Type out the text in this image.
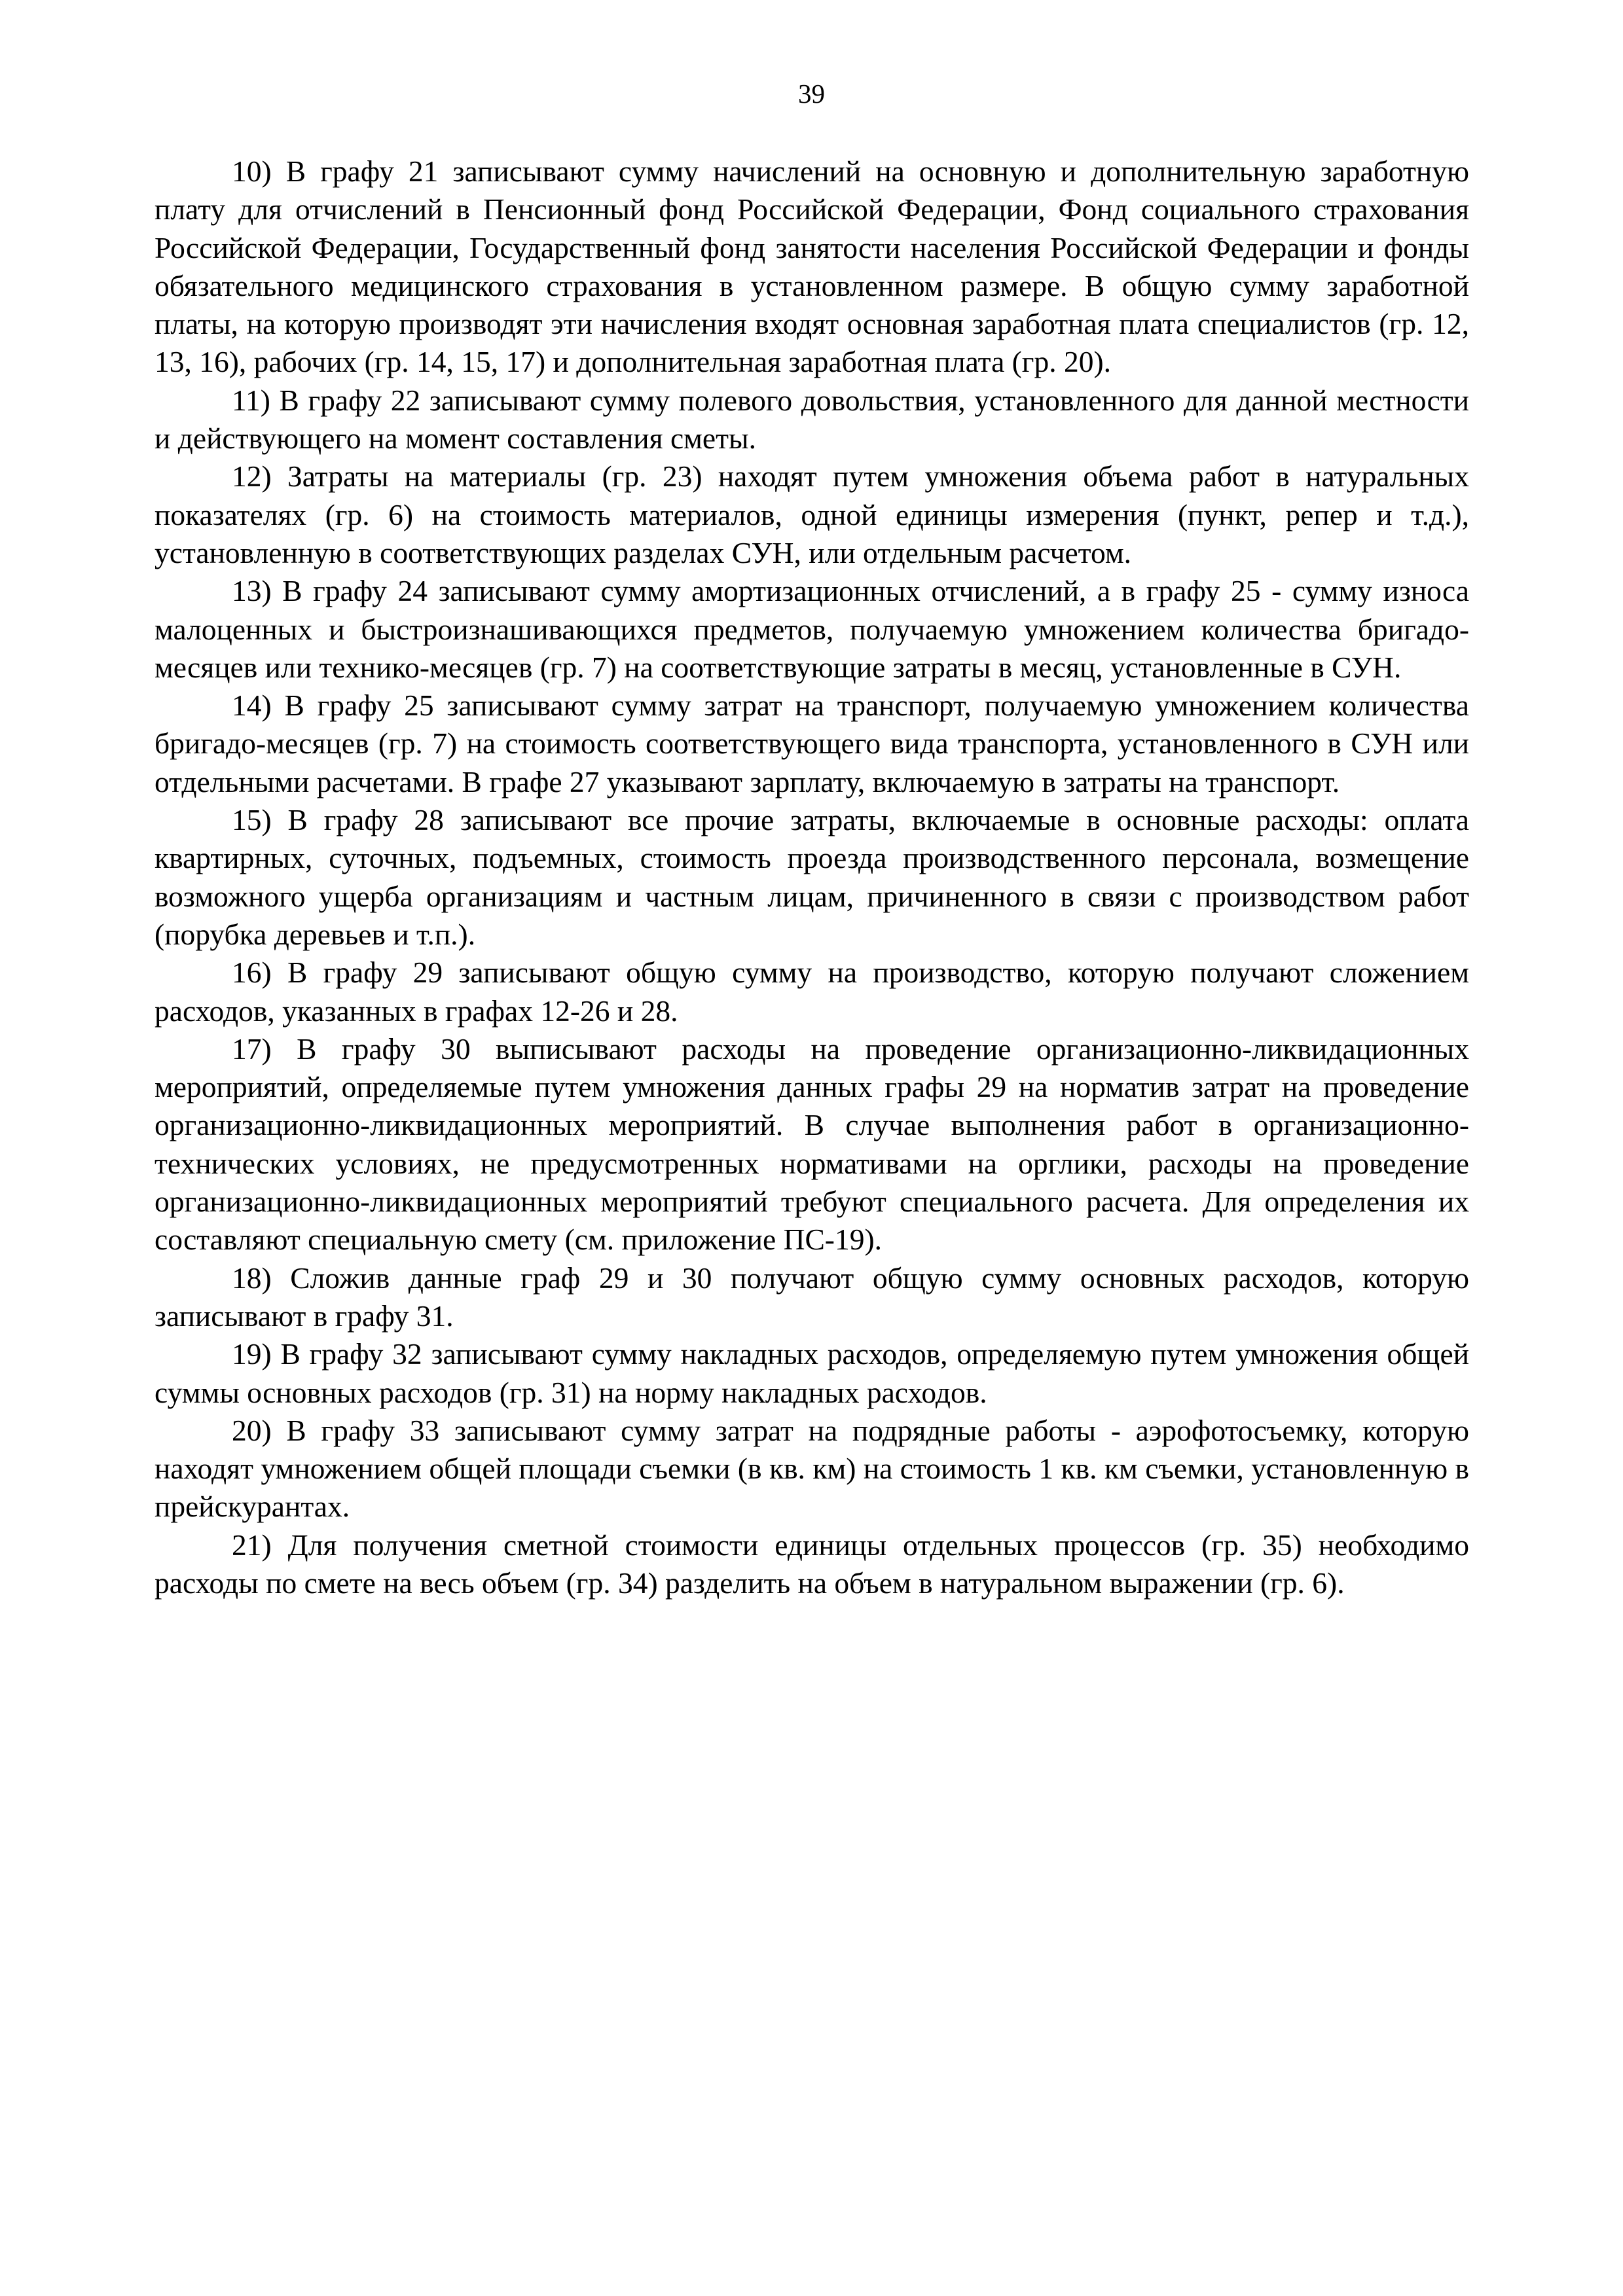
39

10) В графу 21 записывают сумму начислений на основную и дополнительную заработную плату для отчислений в Пенсионный фонд Российской Федерации, Фонд социального страхования Российской Федерации, Государственный фонд занятости населения Российской Федерации и фонды обязательного медицинского страхования в установленном размере. В общую сумму заработной платы, на которую производят эти начисления входят основная заработная плата специалистов (гр. 12, 13, 16), рабочих (гр. 14, 15, 17) и дополнительная заработная плата (гр. 20).

11) В графу 22 записывают сумму полевого довольствия, установленного для данной местности и действующего на момент составления сметы.

12) Затраты на материалы (гр. 23) находят путем умножения объема работ в натуральных показателях (гр. 6) на стоимость материалов, одной единицы измерения (пункт, репер и т.д.), установленную в соответствующих разделах СУН, или отдельным расчетом.

13) В графу 24 записывают сумму амортизационных отчислений, а в графу 25 - сумму износа малоценных и быстроизнашивающихся предметов, получаемую умножением количества бригадо-месяцев или технико-месяцев (гр. 7) на соответствующие затраты в месяц, установленные в СУН.

14) В графу 25 записывают сумму затрат на транспорт, получаемую умножением количества бригадо-месяцев (гр. 7) на стоимость соответствующего вида транспорта, установленного в СУН или отдельными расчетами. В графе 27 указывают зарплату, включаемую в затраты на транспорт.

15) В графу 28 записывают все прочие затраты, включаемые в основные расходы: оплата квартирных, суточных, подъемных, стоимость проезда производственного персонала, возмещение возможного ущерба организациям и частным лицам, причиненного в связи с производством работ (порубка деревьев и т.п.).

16) В графу 29 записывают общую сумму на производство, которую получают сложением расходов, указанных в графах 12-26 и 28.

17) В графу 30 выписывают расходы на проведение организационно-ликвидационных мероприятий, определяемые путем умножения данных графы 29 на норматив затрат на проведение организационно-ликвидационных мероприятий. В случае выполнения работ в организационно-технических условиях, не предусмотренных нормативами на орглики, расходы на проведение организационно-ликвидационных мероприятий требуют специального расчета. Для определения их составляют специальную смету (см. приложение ПС-19).

18) Сложив данные граф 29 и 30 получают общую сумму основных расходов, которую записывают в графу 31.

19) В графу 32 записывают сумму накладных расходов, определяемую путем умножения общей суммы основных расходов (гр. 31) на норму накладных расходов.

20) В графу 33 записывают сумму затрат на подрядные работы - аэрофотосъемку, которую находят умножением общей площади съемки (в кв. км) на стоимость 1 кв. км съемки, установленную в прейскурантах.

21) Для получения сметной стоимости единицы отдельных процессов (гр. 35) необходимо расходы по смете на весь объем (гр. 34) разделить на объем в натуральном выражении (гр. 6).
